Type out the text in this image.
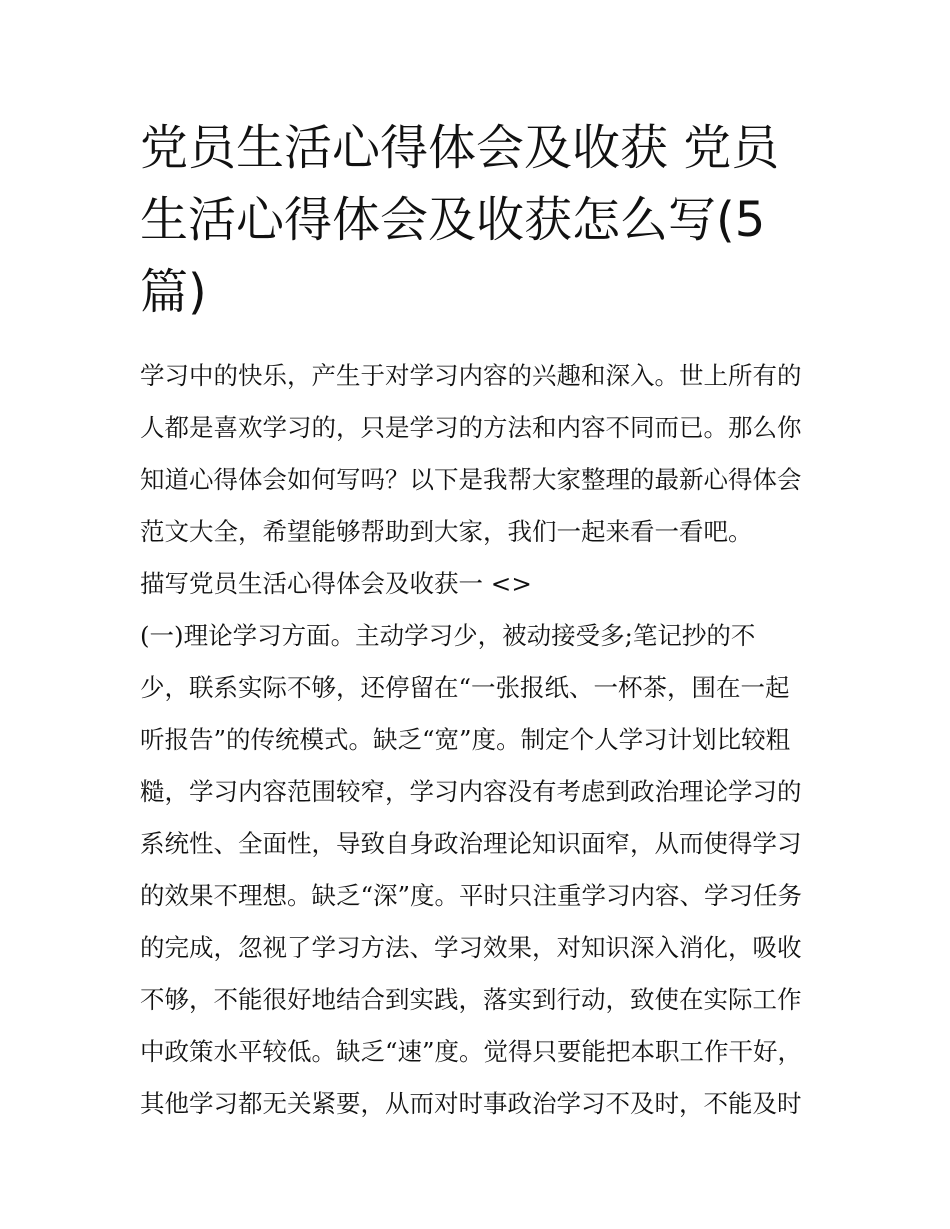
党员生活心得体会及收获 党员生活心得体会及收获怎么写(5篇)
学习中的快乐，产生于对学习内容的兴趣和深入。世上所有的
人都是喜欢学习的，只是学习的方法和内容不同而已。那么你
知道心得体会如何写吗？以下是我帮大家整理的最新心得体会
范文大全，希望能够帮助到大家，我们一起来看一看吧。
描写党员生活心得体会及收获一 <>
(一)理论学习方面。主动学习少，被动接受多;笔记抄的不
少，联系实际不够，还停留在“一张报纸、一杯茶，围在一起
听报告”的传统模式。缺乏“宽”度。制定个人学习计划比较粗
糙，学习内容范围较窄，学习内容没有考虑到政治理论学习的
系统性、全面性，导致自身政治理论知识面窄，从而使得学习
的效果不理想。缺乏“深”度。平时只注重学习内容、学习任务
的完成，忽视了学习方法、学习效果，对知识深入消化，吸收
不够，不能很好地结合到实践，落实到行动，致使在实际工作
中政策水平较低。缺乏“速”度。觉得只要能把本职工作干好，
其他学习都无关紧要，从而对时事政治学习不及时，不能及时
